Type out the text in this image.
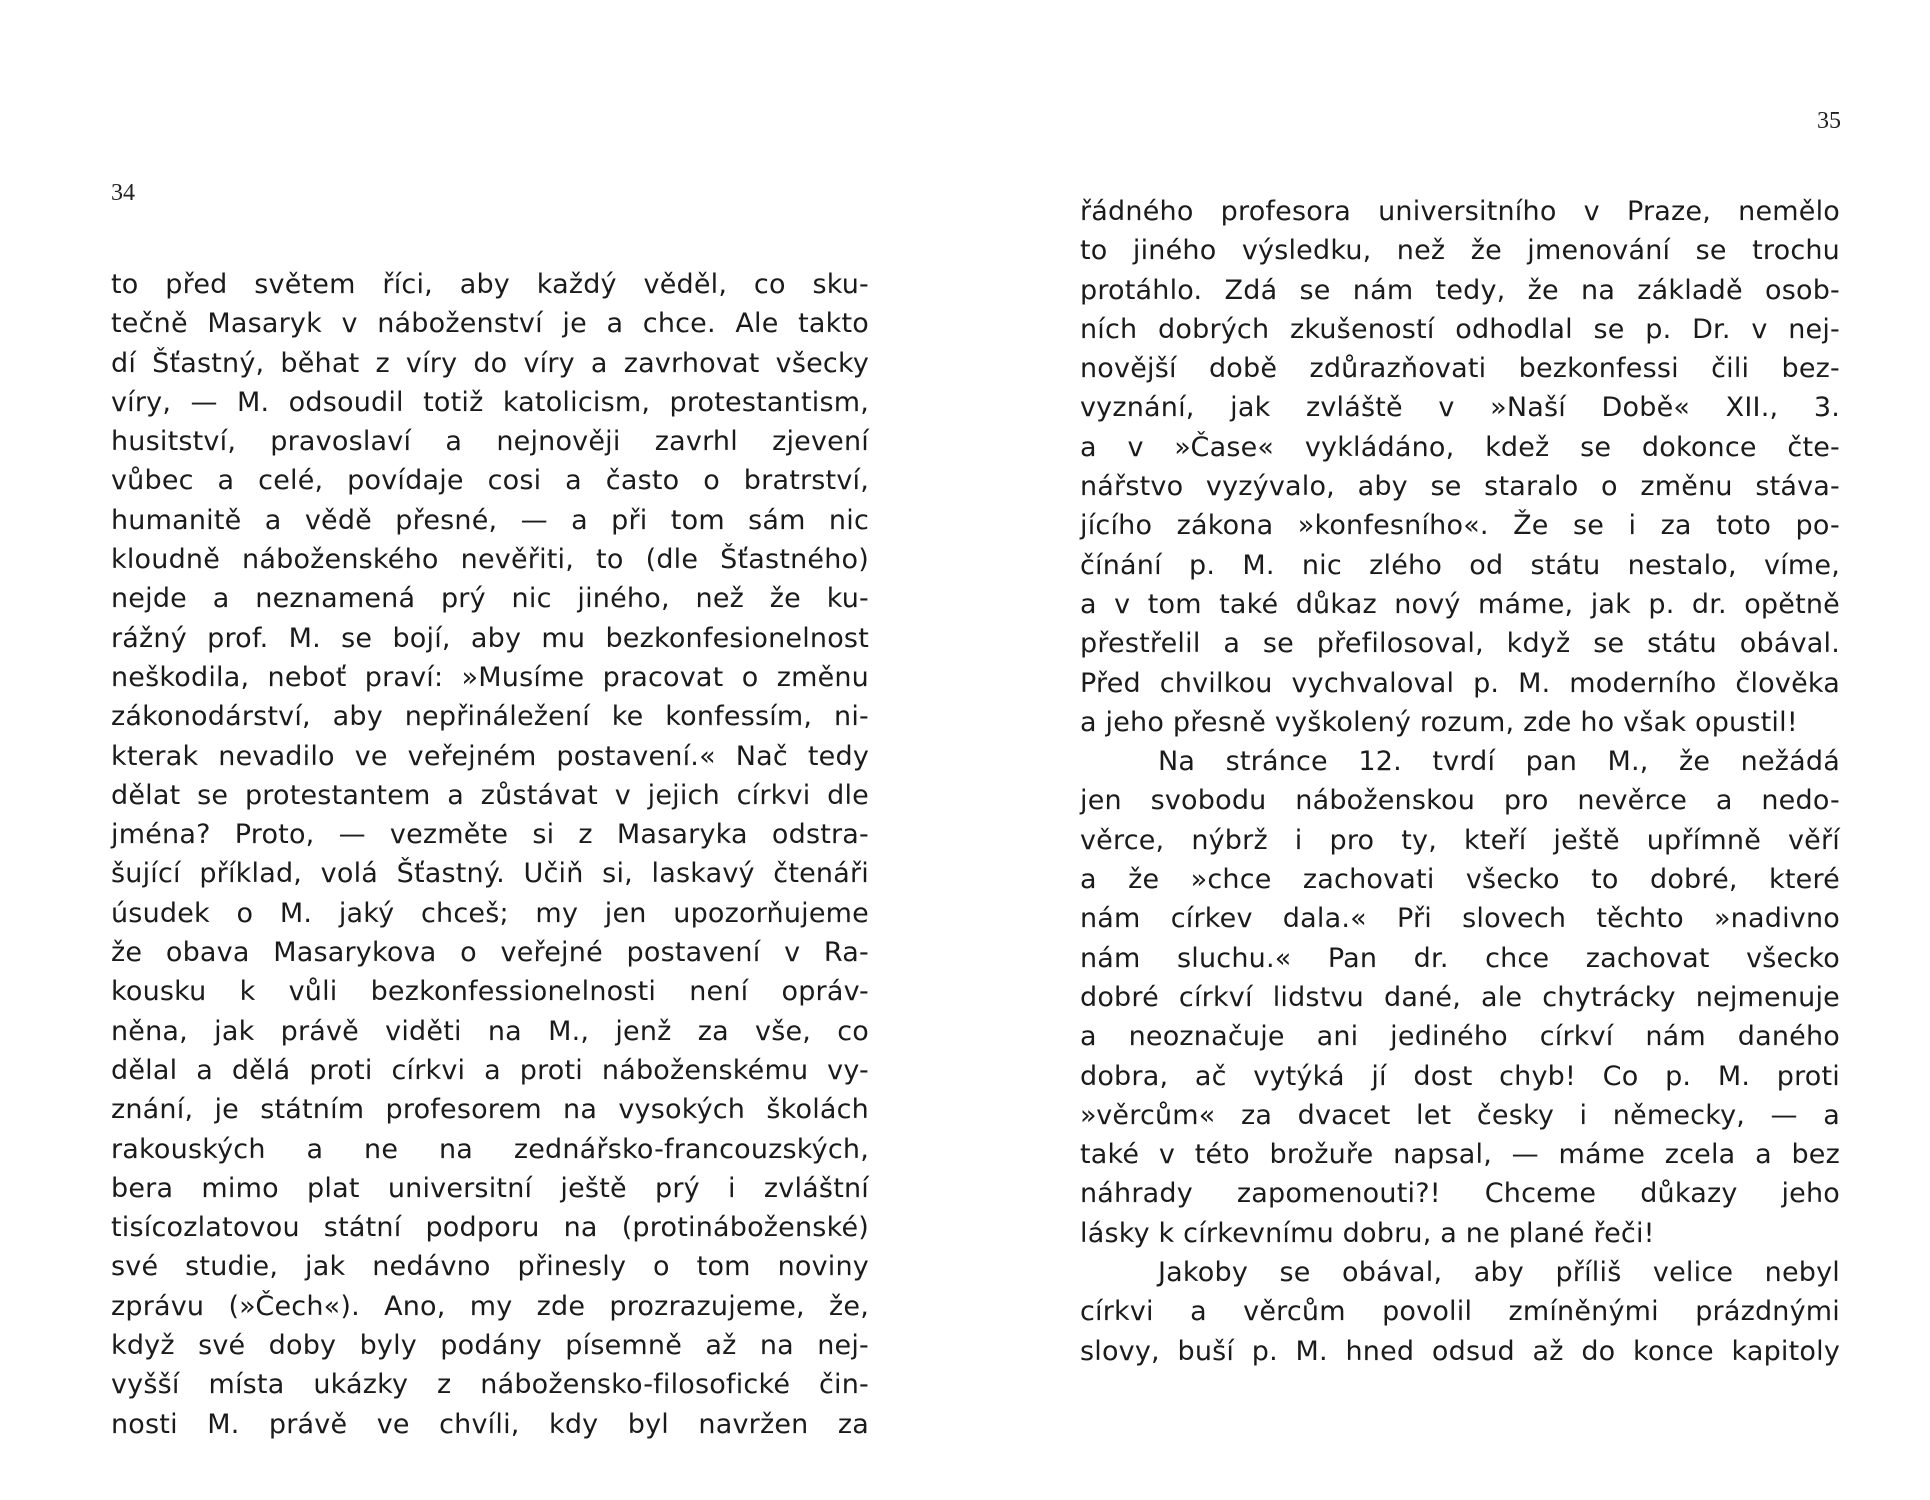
34
to před světem říci, aby každý věděl, co sku-
tečně Masaryk v náboženství je a chce. Ale takto
dí Šťastný, běhat z víry do víry a zavrhovat všecky
víry, — M. odsoudil totiž katolicism, protestantism,
husitství, pravoslaví a nejnověji zavrhl zjevení
vůbec a celé, povídaje cosi a často o bratrství,
humanitě a vědě přesné, — a při tom sám nic
kloudně náboženského nevěřiti, to (dle Šťastného)
nejde a neznamená prý nic jiného, než že ku-
rážný prof. M. se bojí, aby mu bezkonfesionelnost
neškodila, neboť praví: »Musíme pracovat o změnu
zákonodárství, aby nepřináležení ke konfessím, ni-
kterak nevadilo ve veřejném postavení.« Nač tedy
dělat se protestantem a zůstávat v jejich církvi dle
jména? Proto, — vezměte si z Masaryka odstra-
šující příklad, volá Šťastný. Učiň si, laskavý čtenáři
úsudek o M. jaký chceš; my jen upozorňujeme
že obava Masarykova o veřejné postavení v Ra-
kousku k vůli bezkonfessionelnosti není opráv-
něna, jak právě viděti na M., jenž za vše, co
dělal a dělá proti církvi a proti náboženskému vy-
znání, je státním profesorem na vysokých školách
rakouských a ne na zednářsko-francouzských,
bera mimo plat universitní ještě prý i zvláštní
tisícozlatovou státní podporu na (protináboženské)
své studie, jak nedávno přinesly o tom noviny
zprávu (»Čech«). Ano, my zde prozrazujeme, že,
když své doby byly podány písemně až na nej-
vyšší místa ukázky z nábožensko-filosofické čin-
nosti M. právě ve chvíli, kdy byl navržen za
35
řádného profesora universitního v Praze, nemělo
to jiného výsledku, než že jmenování se trochu
protáhlo. Zdá se nám tedy, že na základě osob-
ních dobrých zkušeností odhodlal se p. Dr. v nej-
novější době zdůrazňovati bezkonfessi čili bez-
vyznání, jak zvláště v »Naší Době« XII., 3.
a v »Čase« vykládáno, kdež se dokonce čte-
nářstvo vyzývalo, aby se staralo o změnu stáva-
jícího zákona »konfesního«. Že se i za toto po-
čínání p. M. nic zlého od státu nestalo, víme,
a v tom také důkaz nový máme, jak p. dr. opětně
přestřelil a se přefilosoval, když se státu obával.
Před chvilkou vychvaloval p. M. moderního člověka
a jeho přesně vyškolený rozum, zde ho však opustil!
Na stránce 12. tvrdí pan M., že nežádá
jen svobodu náboženskou pro nevěrce a nedo-
věrce, nýbrž i pro ty, kteří ještě upřímně věří
a že »chce zachovati všecko to dobré, které
nám církev dala.« Při slovech těchto »nadivno
nám sluchu.« Pan dr. chce zachovat všecko
dobré církví lidstvu dané, ale chytrácky nejmenuje
a neoznačuje ani jediného církví nám daného
dobra, ač vytýká jí dost chyb! Co p. M. proti
»věrcům« za dvacet let česky i německy, — a
také v této brožuře napsal, — máme zcela a bez
náhrady zapomenouti?! Chceme důkazy jeho
lásky k církevnímu dobru, a ne plané řeči!
Jakoby se obával, aby příliš velice nebyl
církvi a věrcům povolil zmíněnými prázdnými
slovy, buší p. M. hned odsud až do konce kapitoly
